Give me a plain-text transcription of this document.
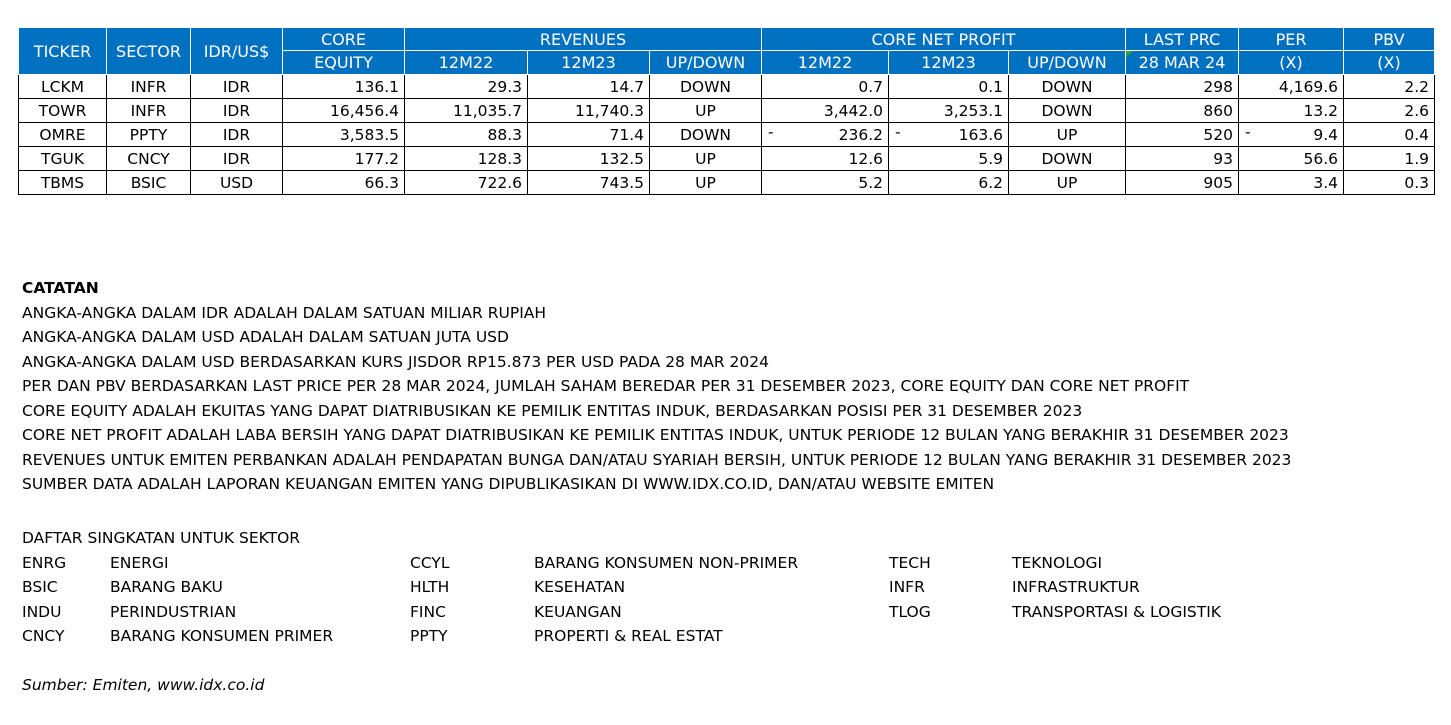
TICKER	SECTOR	IDR/US$	CORE	REVENUES			CORE NET PROFIT			LAST PRC	PER	PBV
			EQUITY	12M22	12M23	UP/DOWN	12M22	12M23	UP/DOWN	28 MAR 24	(X)	(X)
LCKM	INFR	IDR	136.1	29.3	14.7	DOWN	0.7	0.1	DOWN	298	4,169.6	2.2
TOWR	INFR	IDR	16,456.4	11,035.7	11,740.3	UP	3,442.0	3,253.1	DOWN	860	13.2	2.6
OMRE	PPTY	IDR	3,583.5	88.3	71.4	DOWN	- 236.2	- 163.6	UP	520	- 9.4	0.4
TGUK	CNCY	IDR	177.2	128.3	132.5	UP	12.6	5.9	DOWN	93	56.6	1.9
TBMS	BSIC	USD	66.3	722.6	743.5	UP	5.2	6.2	UP	905	3.4	0.3
CATATAN
ANGKA-ANGKA DALAM IDR ADALAH DALAM SATUAN MILIAR RUPIAH
ANGKA-ANGKA DALAM USD ADALAH DALAM SATUAN JUTA USD
ANGKA-ANGKA DALAM USD BERDASARKAN KURS JISDOR RP15.873 PER USD PADA 28 MAR 2024
PER DAN PBV BERDASARKAN LAST PRICE PER 28 MAR 2024, JUMLAH SAHAM BEREDAR PER 31 DESEMBER 2023, CORE EQUITY DAN CORE NET PROFIT
CORE EQUITY ADALAH EKUITAS YANG DAPAT DIATRIBUSIKAN KE PEMILIK ENTITAS INDUK, BERDASARKAN POSISI PER 31 DESEMBER 2023
CORE NET PROFIT ADALAH LABA BERSIH YANG DAPAT DIATRIBUSIKAN KE PEMILIK ENTITAS INDUK, UNTUK PERIODE 12 BULAN YANG BERAKHIR 31 DESEMBER 2023
REVENUES UNTUK EMITEN PERBANKAN ADALAH PENDAPATAN BUNGA DAN/ATAU SYARIAH BERSIH, UNTUK PERIODE 12 BULAN YANG BERAKHIR 31 DESEMBER 2023
SUMBER DATA ADALAH LAPORAN KEUANGAN EMITEN YANG DIPUBLIKASIKAN DI WWW.IDX.CO.ID, DAN/ATAU WEBSITE EMITEN
DAFTAR SINGKATAN UNTUK SEKTOR
ENRG	ENERGI	CCYL	BARANG KONSUMEN NON-PRIMER	TECH	TEKNOLOGI
BSIC	BARANG BAKU	HLTH	KESEHATAN	INFR	INFRASTRUKTUR
INDU	PERINDUSTRIAN	FINC	KEUANGAN	TLOG	TRANSPORTASI & LOGISTIK
CNCY	BARANG KONSUMEN PRIMER	PPTY	PROPERTI & REAL ESTAT
Sumber: Emiten, www.idx.co.id
